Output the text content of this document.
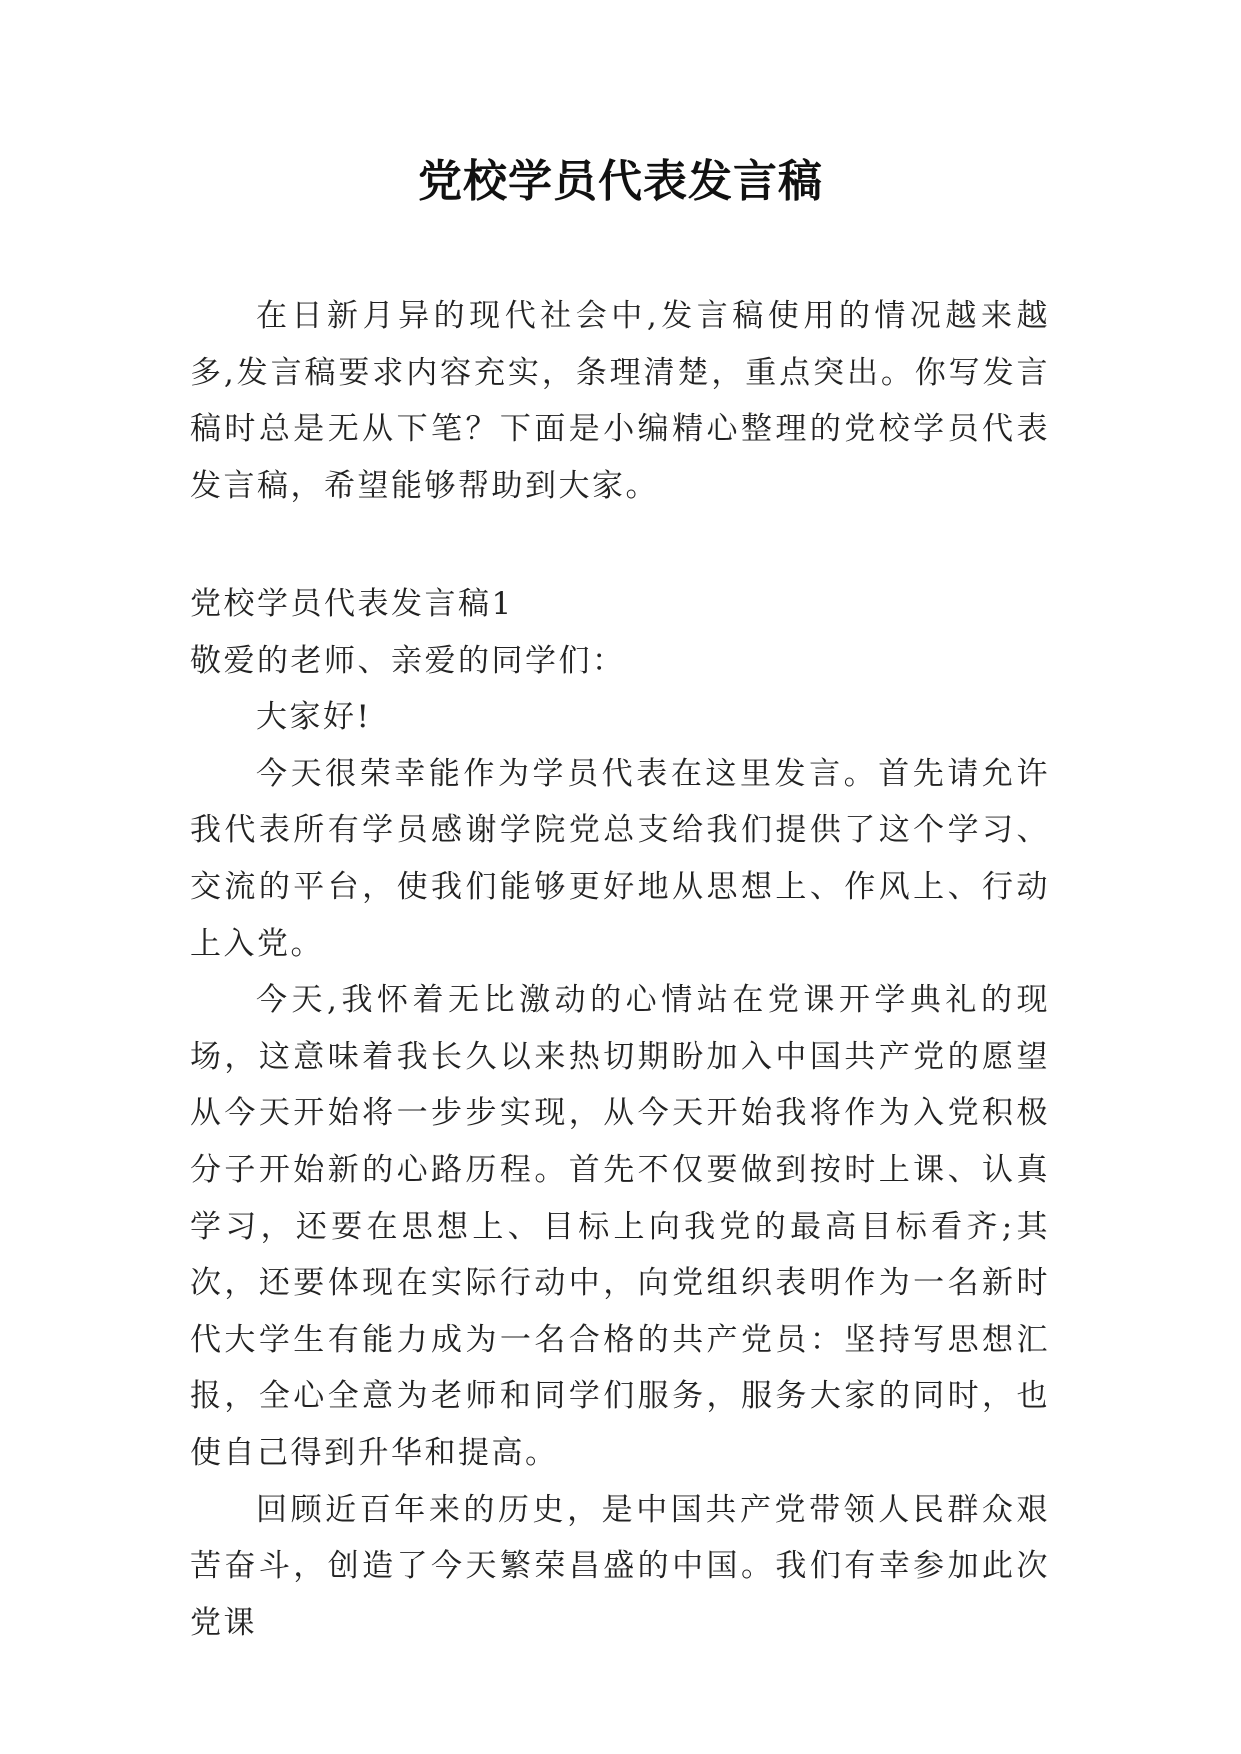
党校学员代表发言稿

在日新月异的现代社会中,发言稿使用的情况越来越多,发言稿要求内容充实，条理清楚，重点突出。你写发言稿时总是无从下笔？下面是小编精心整理的党校学员代表发言稿，希望能够帮助到大家。

党校学员代表发言稿1

敬爱的老师、亲爱的同学们：

大家好!

今天很荣幸能作为学员代表在这里发言。首先请允许我代表所有学员感谢学院党总支给我们提供了这个学习、交流的平台，使我们能够更好地从思想上、作风上、行动上入党。

今天,我怀着无比激动的心情站在党课开学典礼的现场，这意味着我长久以来热切期盼加入中国共产党的愿望从今天开始将一步步实现，从今天开始我将作为入党积极分子开始新的心路历程。首先不仅要做到按时上课、认真学习，还要在思想上、目标上向我党的最高目标看齐;其次，还要体现在实际行动中，向党组织表明作为一名新时代大学生有能力成为一名合格的共产党员：坚持写思想汇报，全心全意为老师和同学们服务，服务大家的同时，也使自己得到升华和提高。

回顾近百年来的历史，是中国共产党带领人民群众艰苦奋斗，创造了今天繁荣昌盛的中国。我们有幸参加此次党课
